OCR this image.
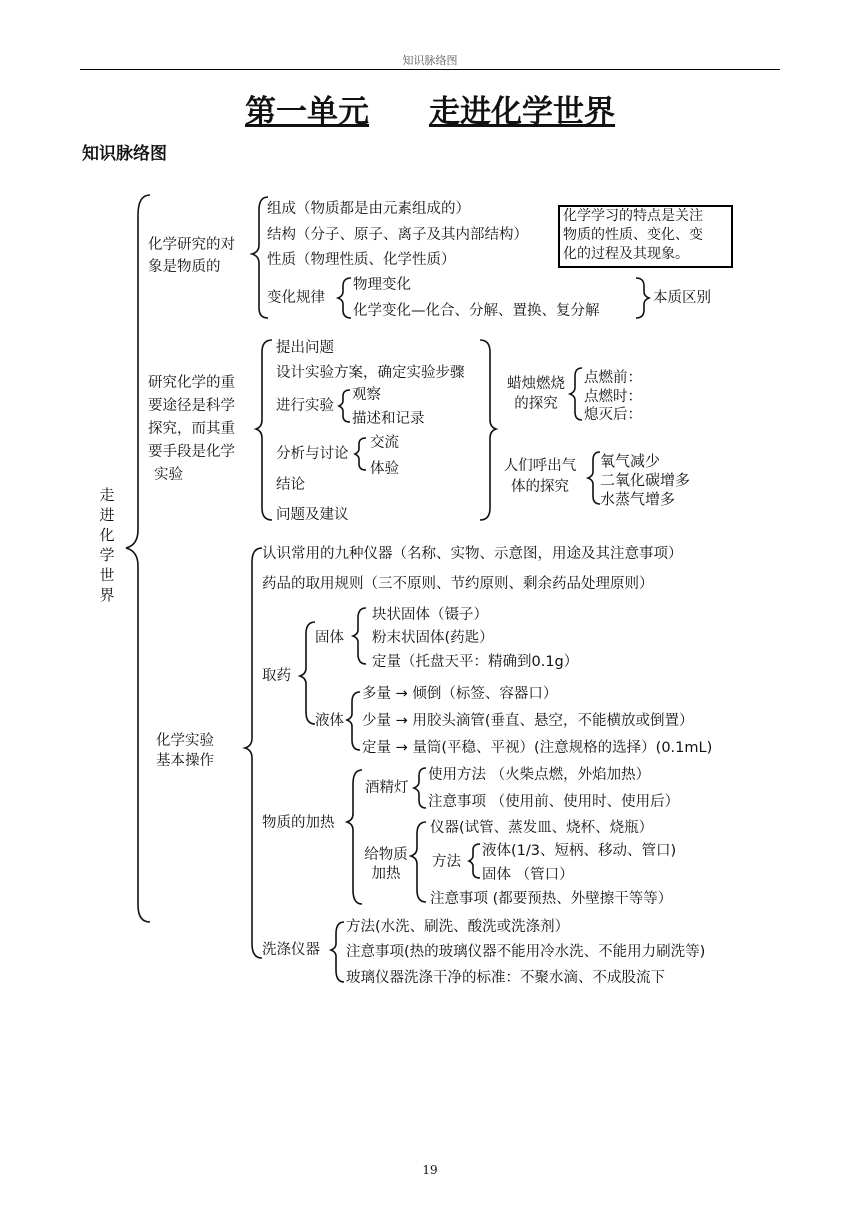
知识脉络图
第一单元 走进化学世界
知识脉络图
走进化学世界
化学研究的对
象是物质的
组成（物质都是由元素组成的）
结构（分子、原子、离子及其内部结构）
性质（物理性质、化学性质）
变化规律
物理变化
化学变化—化合、分解、置换、复分解
本质区别
化学学习的特点是关注
物质的性质、变化、变
化的过程及其现象。
研究化学的重
要途径是科学
探究，而其重
要手段是化学
实验
提出问题
设计实验方案，确定实验步骤
进行实验
观察
描述和记录
分析与讨论
交流
体验
结论
问题及建议
蜡烛燃烧
的探究
点燃前：
点燃时：
熄灭后：
人们呼出气
体的探究
氧气减少
二氧化碳增多
水蒸气增多
化学实验
基本操作
认识常用的九种仪器（名称、实物、示意图，用途及其注意事项）
药品的取用规则（三不原则、节约原则、剩余药品处理原则）
取药
固体
块状固体（镊子）
粉末状固体(药匙）
定量（托盘天平：精确到0.1g）
液体
多量 → 倾倒（标签、容器口）
少量 → 用胶头滴管(垂直、悬空，不能横放或倒置）
定量 → 量筒(平稳、平视）(注意规格的选择）(0.1mL)
物质的加热
酒精灯
使用方法 （火柴点燃，外焰加热）
注意事项 （使用前、使用时、使用后）
给物质
加热
仪器(试管、蒸发皿、烧杯、烧瓶）
方法
液体(1/3、短柄、移动、管口)
固体 （管口）
注意事项 (都要预热、外壁擦干等等）
洗涤仪器
方法(水洗、刷洗、酸洗或洗涤剂）
注意事项(热的玻璃仪器不能用冷水洗、不能用力刷洗等)
玻璃仪器洗涤干净的标准：不聚水滴、不成股流下
19
